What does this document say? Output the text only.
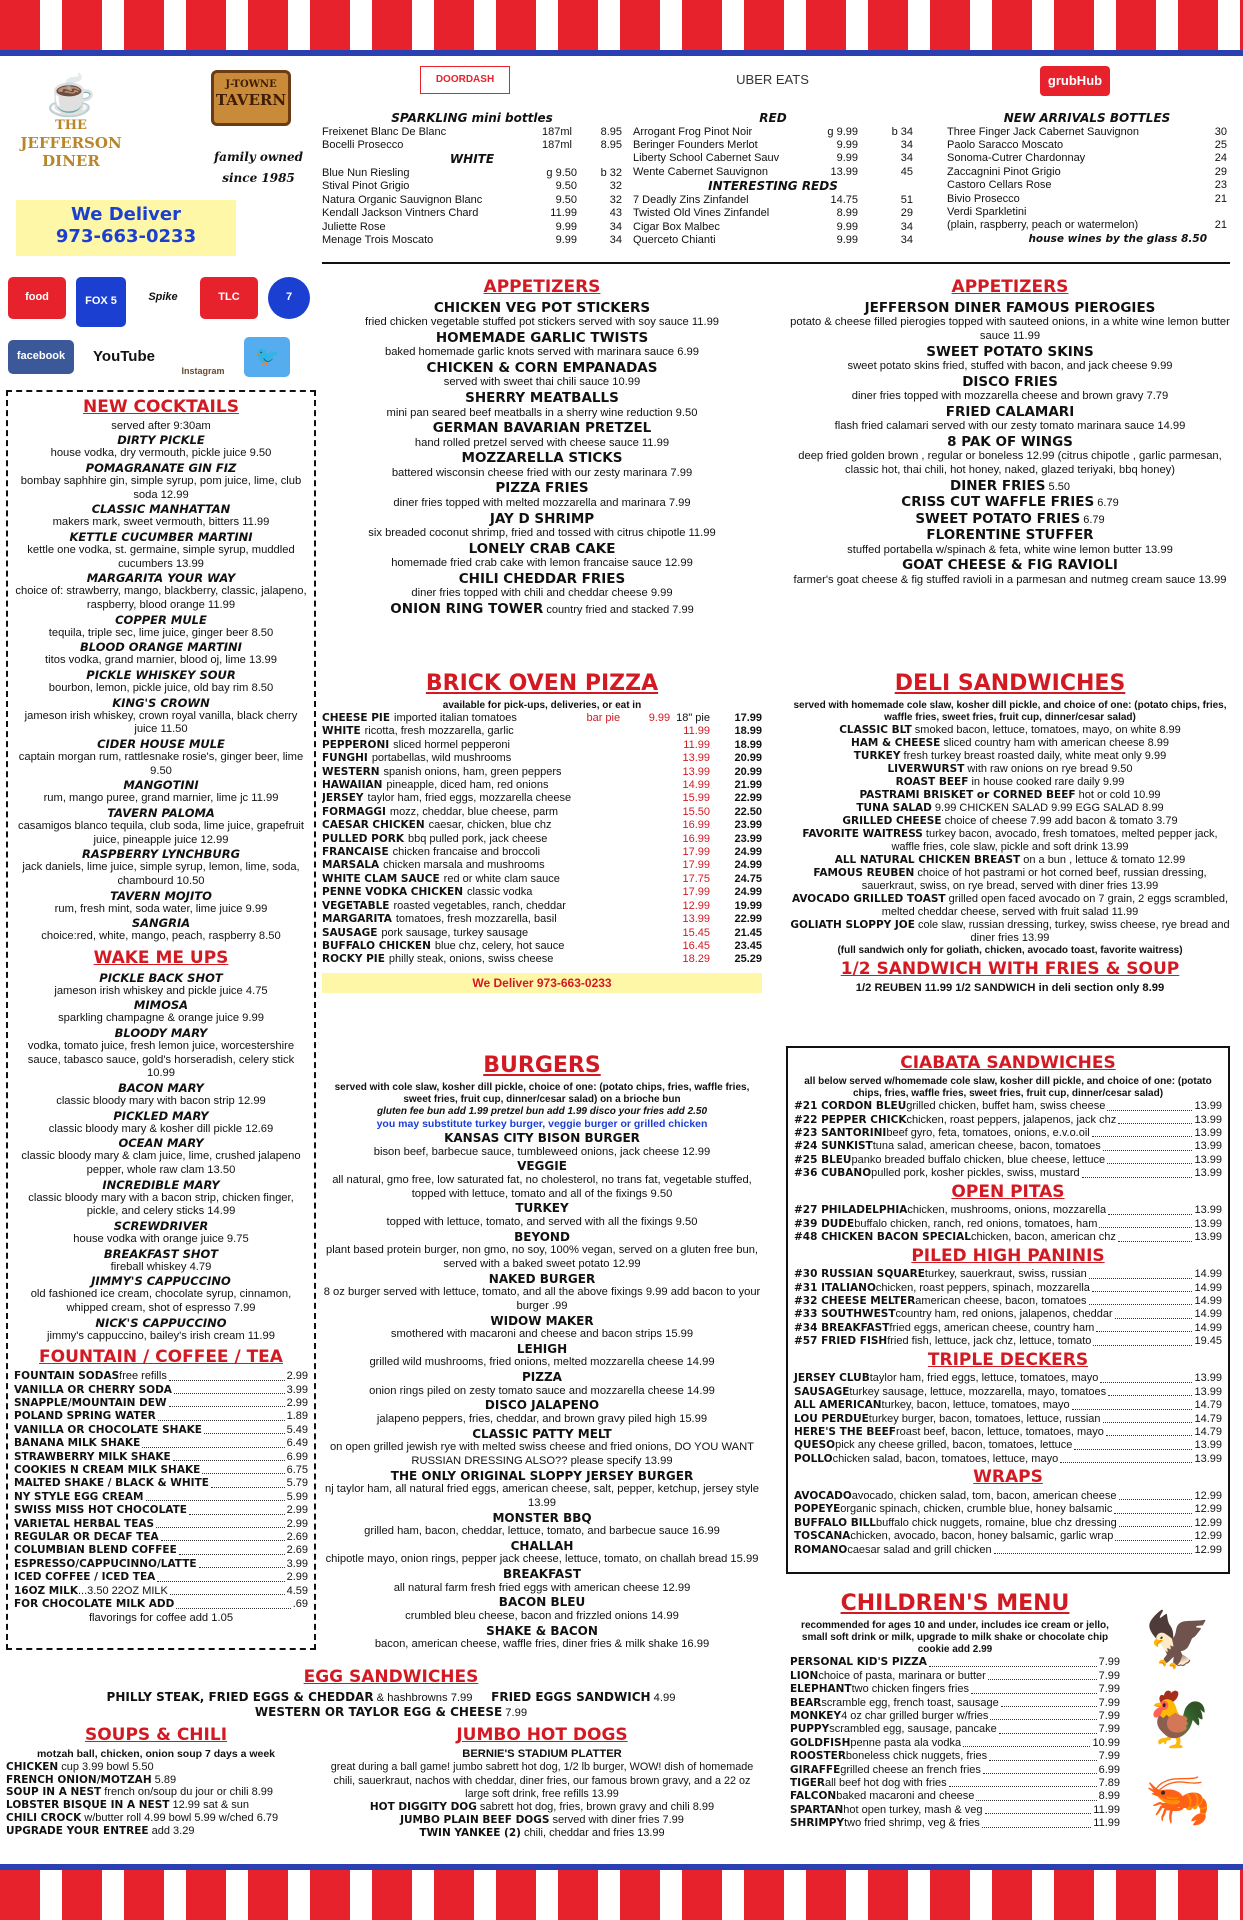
☕
THE
JEFFERSON
DINER
J-TOWNE
TAVERN
family owned
since 1985
We Deliver
973-663-0233
DOORDASH	UBER EATS	grubHub
SPARKLING mini bottles
Freixenet Blanc De Blanc	187ml	8.95
Bocelli Prosecco	187ml	8.95
WHITE
Blue Nun Riesling	g 9.50	b 32
Stival Pinot Grigio	9.50	32
Natura Organic Sauvignon Blanc	9.50	32
Kendall Jackson Vintners Chard	11.99	43
Juliette Rose	9.99	34
Menage Trois Moscato	9.99	34
RED
Arrogant Frog Pinot Noir	g 9.99	b 34
Beringer Founders Merlot	9.99	34
Liberty School Cabernet Sauv	9.99	34
Wente Cabernet Sauvignon	13.99	45
INTERESTING REDS
7 Deadly Zins Zinfandel	14.75	51
Twisted Old Vines Zinfandel	8.99	29
Cigar Box Malbec	9.99	34
Querceto Chianti	9.99	34
NEW ARRIVALS BOTTLES
Three Finger Jack Cabernet Sauvignon	30
Paolo Saracco Moscato	25
Sonoma-Cutrer Chardonnay	24
Zaccagnini Pinot Grigio	29
Castoro Cellars Rose	23
Bivio Prosecco	21
Verdi Sparkletini
(plain, raspberry, peach or watermelon)	21
house wines by the glass 8.50
food	FOX 5	Spike	TLC	7
facebook	YouTube
Instagram
🐦
NEW COCKTAILS
served after 9:30am
DIRTY PICKLE
house vodka, dry vermouth, pickle juice 9.50
POMAGRANATE GIN FIZ
bombay saphhire gin, simple syrup, pom juice, lime, club soda 12.99
CLASSIC MANHATTAN
makers mark, sweet vermouth, bitters 11.99
KETTLE CUCUMBER MARTINI
kettle one vodka, st. germaine, simple syrup, muddled cucumbers 13.99
MARGARITA YOUR WAY
choice of: strawberry, mango, blackberry, classic, jalapeno, raspberry, blood orange 11.99
COPPER MULE
tequila, triple sec, lime juice, ginger beer 8.50
BLOOD ORANGE MARTINI
titos vodka, grand marnier, blood oj, lime 13.99
PICKLE WHISKEY SOUR
bourbon, lemon, pickle juice, old bay rim 8.50
KING'S CROWN
jameson irish whiskey, crown royal vanilla, black cherry juice 11.50
CIDER HOUSE MULE
captain morgan rum, rattlesnake rosie's, ginger beer, lime 9.50
MANGOTINI
rum, mango puree, grand marnier, lime jc 11.99
TAVERN PALOMA
casamigos blanco tequila, club soda, lime juice, grapefruit juice, pineapple juice 12.99
RASPBERRY LYNCHBURG
jack daniels, lime juice, simple syrup, lemon, lime, soda, chambourd 10.50
TAVERN MOJITO
rum, fresh mint, soda water, lime juice 9.99
SANGRIA
choice:red, white, mango, peach, raspberry 8.50
WAKE ME UPS
PICKLE BACK SHOT
jameson irish whiskey and pickle juice 4.75
MIMOSA
sparkling champagne & orange juice 9.99
BLOODY MARY
vodka, tomato juice, fresh lemon juice, worcestershire sauce, tabasco sauce, gold's horseradish, celery stick 10.99
BACON MARY
classic bloody mary with bacon strip 12.99
PICKLED MARY
classic bloody mary & kosher dill pickle 12.69
OCEAN MARY
classic bloody mary & clam juice, lime, crushed jalapeno pepper, whole raw clam 13.50
INCREDIBLE MARY
classic bloody mary with a bacon strip, chicken finger, pickle, and celery sticks 14.99
SCREWDRIVER
house vodka with orange juice 9.75
BREAKFAST SHOT
fireball whiskey 4.79
JIMMY'S CAPPUCCINO
old fashioned ice cream, chocolate syrup, cinnamon, whipped cream, shot of espresso 7.99
NICK'S CAPPUCCINO
jimmy's cappuccino, bailey's irish cream 11.99
FOUNTAIN / COFFEE / TEA
FOUNTAIN SODAS free refills	2.99
VANILLA OR CHERRY SODA	3.99
SNAPPLE/MOUNTAIN DEW	2.99
POLAND SPRING WATER	1.89
VANILLA OR CHOCOLATE SHAKE	5.49
BANANA MILK SHAKE	6.49
STRAWBERRY MILK SHAKE	6.99
COOKIES N CREAM MILK SHAKE	6.75
MALTED SHAKE / BLACK & WHITE	5.79
NY STYLE EGG CREAM	5.99
SWISS MISS HOT CHOCOLATE	2.99
VARIETAL HERBAL TEAS	2.99
REGULAR OR DECAF TEA	2.69
COLUMBIAN BLEND COFFEE	2.69
ESPRESSO/CAPPUCINNO/LATTE	3.99
ICED COFFEE / ICED TEA	2.99
16OZ MILK ...3.50 22OZ MILK	4.59
FOR CHOCOLATE MILK ADD	.69
flavorings for coffee add 1.05
APPETIZERS
CHICKEN VEG POT STICKERS
fried chicken vegetable stuffed pot stickers served with soy sauce 11.99
HOMEMADE GARLIC TWISTS
baked homemade garlic knots served with marinara sauce 6.99
CHICKEN & CORN EMPANADAS
served with sweet thai chili sauce 10.99
SHERRY MEATBALLS
mini pan seared beef meatballs in a sherry wine reduction 9.50
GERMAN BAVARIAN PRETZEL
hand rolled pretzel served with cheese sauce 11.99
MOZZARELLA STICKS
battered wisconsin cheese fried with our zesty marinara 7.99
PIZZA FRIES
diner fries topped with melted mozzarella and marinara 7.99
JAY D SHRIMP
six breaded coconut shrimp, fried and tossed with citrus chipotle 11.99
LONELY CRAB CAKE
homemade fried crab cake with lemon francaise sauce 12.99
CHILI CHEDDAR FRIES
diner fries topped with chili and cheddar cheese 9.99
ONION RING TOWER country fried and stacked 7.99
APPETIZERS
JEFFERSON DINER FAMOUS PIEROGIES
potato & cheese filled pierogies topped with sauteed onions, in a white wine lemon butter sauce 11.99
SWEET POTATO SKINS
sweet potato skins fried, stuffed with bacon, and jack cheese 9.99
DISCO FRIES
diner fries topped with mozzarella cheese and brown gravy 7.79
FRIED CALAMARI
flash fried calamari served with our zesty tomato marinara sauce 14.99
8 PAK OF WINGS
deep fried golden brown , regular or boneless 12.99 (citrus chipotle , garlic parmesan, classic hot, thai chili, hot honey, naked, glazed teriyaki, bbq honey)
DINER FRIES 5.50
CRISS CUT WAFFLE FRIES 6.79
SWEET POTATO FRIES 6.79
FLORENTINE STUFFER
stuffed portabella w/spinach & feta, white wine lemon butter 13.99
GOAT CHEESE & FIG RAVIOLI
farmer's goat cheese & fig stuffed ravioli in a parmesan and nutmeg cream sauce 13.99
BRICK OVEN PIZZA
available for pick-ups, deliveries, or eat in
CHEESE PIE imported italian tomatoes	bar pie	9.99 18" pie	17.99
WHITE ricotta, fresh mozzarella, garlic	11.99	18.99
PEPPERONI sliced hormel pepperoni	11.99	18.99
FUNGHI portabellas, wild mushrooms	13.99	20.99
WESTERN spanish onions, ham, green peppers	13.99	20.99
HAWAIIAN pineapple, diced ham, red onions	14.99	21.99
JERSEY taylor ham, fried eggs, mozzarella cheese	15.99	22.99
FORMAGGI mozz, cheddar, blue cheese, parm	15.50	22.50
CAESAR CHICKEN caesar, chicken, blue chz	16.99	23.99
PULLED PORK bbq pulled pork, jack cheese	16.99	23.99
FRANCAISE chicken francaise and broccoli	17.99	24.99
MARSALA chicken marsala and mushrooms	17.99	24.99
WHITE CLAM SAUCE red or white clam sauce	17.75	24.75
PENNE VODKA CHICKEN classic vodka	17.99	24.99
VEGETABLE roasted vegetables, ranch, cheddar	12.99	19.99
MARGARITA tomatoes, fresh mozzarella, basil	13.99	22.99
SAUSAGE pork sausage, turkey sausage	15.45	21.45
BUFFALO CHICKEN blue chz, celery, hot sauce	16.45	23.45
ROCKY PIE philly steak, onions, swiss cheese	18.29	25.29
We Deliver 973-663-0233
DELI SANDWICHES
served with homemade cole slaw, kosher dill pickle, and choice of one: (potato chips, fries, waffle fries, sweet fries, fruit cup, dinner/cesar salad)
CLASSIC BLT smoked bacon, lettuce, tomatoes, mayo, on white 8.99
HAM & CHEESE sliced country ham with american cheese 8.99
TURKEY fresh turkey breast roasted daily, white meat only 9.99
LIVERWURST with raw onions on rye bread 9.50
ROAST BEEF in house cooked rare daily 9.99
PASTRAMI BRISKET or CORNED BEEF hot or cold 10.99
TUNA SALAD 9.99 CHICKEN SALAD 9.99 EGG SALAD 8.99
GRILLED CHEESE choice of cheese 7.99 add bacon & tomato 3.79
FAVORITE WAITRESS turkey bacon, avocado, fresh tomatoes, melted pepper jack, waffle fries, cole slaw, pickle and soft drink 13.99
ALL NATURAL CHICKEN BREAST on a bun , lettuce & tomato 12.99
FAMOUS REUBEN choice of hot pastrami or hot corned beef, russian dressing, sauerkraut, swiss, on rye bread, served with diner fries 13.99
AVOCADO GRILLED TOAST grilled open faced avocado on 7 grain, 2 eggs scrambled, melted cheddar cheese, served with fruit salad 11.99
GOLIATH SLOPPY JOE cole slaw, russian dressing, turkey, swiss cheese, rye bread and diner fries 13.99
(full sandwich only for goliath, chicken, avocado toast, favorite waitress)
1/2 SANDWICH WITH FRIES & SOUP
1/2 REUBEN 11.99 1/2 SANDWICH in deli section only 8.99
BURGERS
served with cole slaw, kosher dill pickle, choice of one: (potato chips, fries, waffle fries, sweet fries, fruit cup, dinner/cesar salad) on a brioche bun
gluten fee bun add 1.99 pretzel bun add 1.99 disco your fries add 2.50
you may substitute turkey burger, veggie burger or grilled chicken
KANSAS CITY BISON BURGER
bison beef, barbecue sauce, tumbleweed onions, jack cheese 12.99
VEGGIE
all natural, gmo free, low saturated fat, no cholesterol, no trans fat, vegetable stuffed, topped with lettuce, tomato and all of the fixings 9.50
TURKEY
topped with lettuce, tomato, and served with all the fixings 9.50
BEYOND
plant based protein burger, non gmo, no soy, 100% vegan, served on a gluten free bun, served with a baked sweet potato 12.99
NAKED BURGER
8 oz burger served with lettuce, tomato, and all the above fixings 9.99 add bacon to your burger .99
WIDOW MAKER
smothered with macaroni and cheese and bacon strips 15.99
LEHIGH
grilled wild mushrooms, fried onions, melted mozzarella cheese 14.99
PIZZA
onion rings piled on zesty tomato sauce and mozzarella cheese 14.99
DISCO JALAPENO
jalapeno peppers, fries, cheddar, and brown gravy piled high 15.99
CLASSIC PATTY MELT
on open grilled jewish rye with melted swiss cheese and fried onions, DO YOU WANT RUSSIAN DRESSING ALSO?? please specify 13.99
THE ONLY ORIGINAL SLOPPY JERSEY BURGER
nj taylor ham, all natural fried eggs, american cheese, salt, pepper, ketchup, jersey style 13.99
MONSTER BBQ
grilled ham, bacon, cheddar, lettuce, tomato, and barbecue sauce 16.99
CHALLAH
chipotle mayo, onion rings, pepper jack cheese, lettuce, tomato, on challah bread 15.99
BREAKFAST
all natural farm fresh fried eggs with american cheese 12.99
BACON BLEU
crumbled bleu cheese, bacon and frizzled onions 14.99
SHAKE & BACON
bacon, american cheese, waffle fries, diner fries & milk shake 16.99
CIABATA SANDWICHES
all below served w/homemade cole slaw, kosher dill pickle, and choice of one: (potato chips, fries, waffle fries, sweet fries, fruit cup, dinner/cesar salad)
#21 CORDON BLEU grilled chicken, buffet ham, swiss cheese	13.99
#22 PEPPER CHICK chicken, roast peppers, jalapenos, jack chz	13.99
#23 SANTORINI beef gyro, feta, tomatoes, onions, e.v.o.oil	13.99
#24 SUNKIST tuna salad, american cheese, bacon, tomatoes	13.99
#25 BLEU panko breaded buffalo chicken, blue cheese, lettuce	13.99
#36 CUBANO pulled pork, kosher pickles, swiss, mustard	13.99
OPEN PITAS
#27 PHILADELPHIA chicken, mushrooms, onions, mozzarella	13.99
#39 DUDE buffalo chicken, ranch, red onions, tomatoes, ham	13.99
#48 CHICKEN BACON SPECIAL chicken, bacon, american chz	13.99
PILED HIGH PANINIS
#30 RUSSIAN SQUARE turkey, sauerkraut, swiss, russian	14.99
#31 ITALIANO chicken, roast peppers, spinach, mozzarella	14.99
#32 CHEESE MELTER american cheese, bacon, tomatoes	14.99
#33 SOUTHWEST country ham, red onions, jalapenos, cheddar	14.99
#34 BREAKFAST fried eggs, american cheese, country ham	14.99
#57 FRIED FISH fried fish, lettuce, jack chz, lettuce, tomato	19.45
TRIPLE DECKERS
JERSEY CLUB taylor ham, fried eggs, lettuce, tomatoes, mayo	13.99
SAUSAGE turkey sausage, lettuce, mozzarella, mayo, tomatoes	13.99
ALL AMERICAN turkey, bacon, lettuce, tomatoes, mayo	14.79
LOU PERDUE turkey burger, bacon, tomatoes, lettuce, russian	14.79
HERE'S THE BEEF roast beef, bacon, lettuce, tomatoes, mayo	14.79
QUESO pick any cheese grilled, bacon, tomatoes, lettuce	13.99
POLLO chicken salad, bacon, tomatoes, lettuce, mayo	13.99
WRAPS
AVOCADO avocado, chicken salad, tom, bacon, american cheese	12.99
POPEYE organic spinach, chicken, crumble blue, honey balsamic	12.99
BUFFALO BILL buffalo chick nuggets, romaine, blue chz dressing	12.99
TOSCANA chicken, avocado, bacon, honey balsamic, garlic wrap	12.99
ROMANO caesar salad and grill chicken	12.99
CHILDREN'S MENU
recommended for ages 10 and under, includes ice cream or jello, small soft drink or milk, upgrade to milk shake or chocolate chip cookie add 2.99
PERSONAL KID'S PIZZA	7.99
LION choice of pasta, marinara or butter	7.99
ELEPHANT two chicken fingers fries	7.99
BEAR scramble egg, french toast, sausage	7.99
MONKEY 4 oz char grilled burger w/fries	7.99
PUPPY scrambled egg, sausage, pancake	7.99
GOLDFISH penne pasta ala vodka	10.99
ROOSTER boneless chick nuggets, fries	7.99
GIRAFFE grilled cheese an french fries	6.99
TIGER all beef hot dog with fries	7.89
FALCON baked macaroni and cheese	8.99
SPARTAN hot open turkey, mash & veg	11.99
SHRIMPY two fried shrimp, veg & fries	11.99
🦅
🐓
🦐
EGG SANDWICHES
PHILLY STEAK, FRIED EGGS & CHEDDAR & hashbrowns 7.99 FRIED EGGS SANDWICH 4.99
WESTERN OR TAYLOR EGG & CHEESE 7.99
SOUPS & CHILI
motzah ball, chicken, onion soup 7 days a week
CHICKEN cup 3.99 bowl 5.50
FRENCH ONION/MOTZAH 5.89
SOUP IN A NEST french on/soup du jour or chili 8.99
LOBSTER BISQUE IN A NEST 12.99 sat & sun
CHILI CROCK w/butter roll 4.99 bowl 5.99 w/ched 6.79
UPGRADE YOUR ENTREE add 3.29
JUMBO HOT DOGS
BERNIE'S STADIUM PLATTER
great during a ball game! jumbo sabrett hot dog, 1/2 lb burger, WOW! dish of homemade chili, sauerkraut, nachos with cheddar, diner fries, our famous brown gravy, and a 22 oz large soft drink, free refills 13.99
HOT DIGGITY DOG sabrett hot dog, fries, brown gravy and chili 8.99
JUMBO PLAIN BEEF DOGS served with diner fries 7.99
TWIN YANKEE (2) chili, cheddar and fries 13.99
